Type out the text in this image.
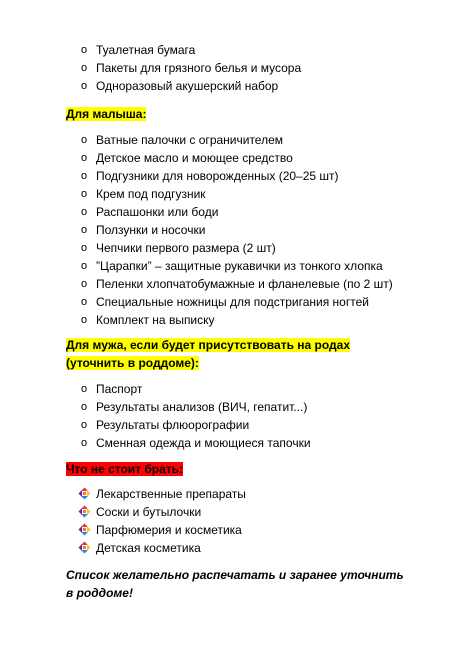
o Туалетная бумага
o Пакеты для грязного белья и мусора
o Одноразовый акушерский набор
Для малыша:
o Ватные палочки с ограничителем
o Детское масло и моющее средство
o Подгузники для новорожденных (20–25 шт)
o Крем под подгузник
o Распашонки или боди
o Ползунки и носочки
o Чепчики первого размера (2 шт)
o ”Царапки” – защитные рукавички из тонкого хлопка
o Пеленки хлопчатобумажные и фланелевые (по 2 шт)
o Специальные ножницы для подстригания ногтей
o Комплект на выписку
Для мужа, если будет присутствовать на родах (уточнить в роддоме):
o Паспорт
o Результаты анализов (ВИЧ, гепатит...)
o Результаты флюорографии
o Сменная одежда и моющиеся тапочки
Что не стоит брать:
Лекарственные препараты
Соски и бутылочки
Парфюмерия и косметика
Детская косметика
Список желательно распечатать и заранее уточнить в роддоме!
